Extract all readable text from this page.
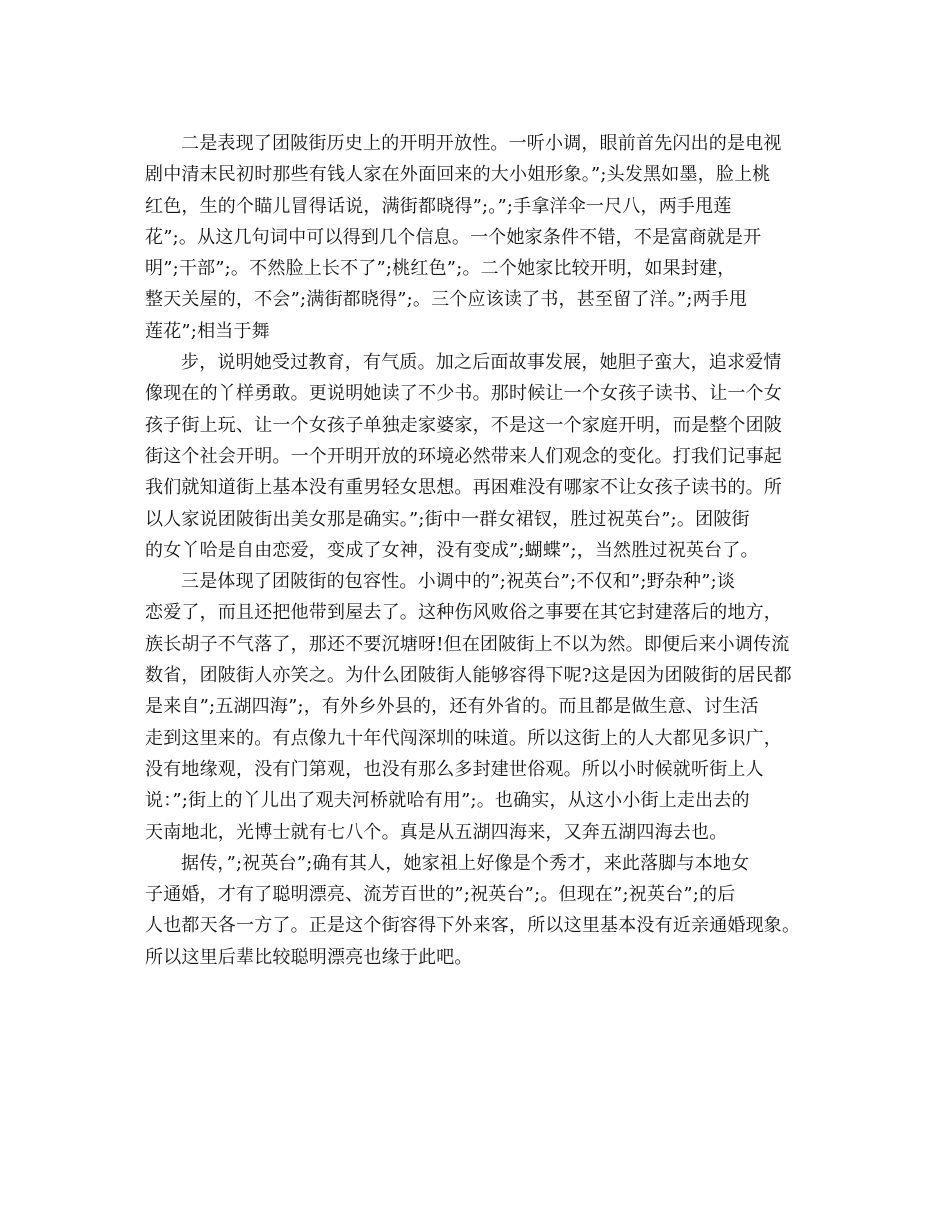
二是表现了团陂街历史上的开明开放性。一听小调，眼前首先闪出的是电视
剧中清末民初时那些有钱人家在外面回来的大小姐形象。”;头发黑如墨，脸上桃
红色，生的个瞄儿冒得话说，满街都晓得”;。”;手拿洋伞一尺八，两手甩莲
花”;。从这几句词中可以得到几个信息。一个她家条件不错，不是富商就是开
明”;干部”;。不然脸上长不了”;桃红色”;。二个她家比较开明，如果封建，
整天关屋的，不会”;满街都晓得”;。三个应该读了书，甚至留了洋。”;两手甩
莲花”;相当于舞
步，说明她受过教育，有气质。加之后面故事发展，她胆子蛮大，追求爱情
像现在的丫样勇敢。更说明她读了不少书。那时候让一个女孩子读书、让一个女
孩子街上玩、让一个女孩子单独走家婆家，不是这一个家庭开明，而是整个团陂
街这个社会开明。一个开明开放的环境必然带来人们观念的变化。打我们记事起
我们就知道街上基本没有重男轻女思想。再困难没有哪家不让女孩子读书的。所
以人家说团陂街出美女那是确实。”;街中一群女裙钗，胜过祝英台”;。团陂街
的女丫哈是自由恋爱，变成了女神，没有变成”;蝴蝶”;，当然胜过祝英台了。
三是体现了团陂街的包容性。小调中的”;祝英台”;不仅和”;野杂种”;谈
恋爱了，而且还把他带到屋去了。这种伤风败俗之事要在其它封建落后的地方，
族长胡子不气落了，那还不要沉塘呀!但在团陂街上不以为然。即便后来小调传流
数省，团陂街人亦笑之。为什么团陂街人能够容得下呢?这是因为团陂街的居民都
是来自”;五湖四海”;，有外乡外县的，还有外省的。而且都是做生意、讨生活
走到这里来的。有点像九十年代闯深圳的味道。所以这街上的人大都见多识广，
没有地缘观，没有门第观，也没有那么多封建世俗观。所以小时候就听街上人
说：”;街上的丫儿出了观夫河桥就哈有用”;。也确实，从这小小街上走出去的
天南地北，光博士就有七八个。真是从五湖四海来，又奔五湖四海去也。
据传，”;祝英台”;确有其人，她家祖上好像是个秀才，来此落脚与本地女
子通婚，才有了聪明漂亮、流芳百世的”;祝英台”;。但现在”;祝英台”;的后
人也都天各一方了。正是这个街容得下外来客，所以这里基本没有近亲通婚现象。
所以这里后辈比较聪明漂亮也缘于此吧。
